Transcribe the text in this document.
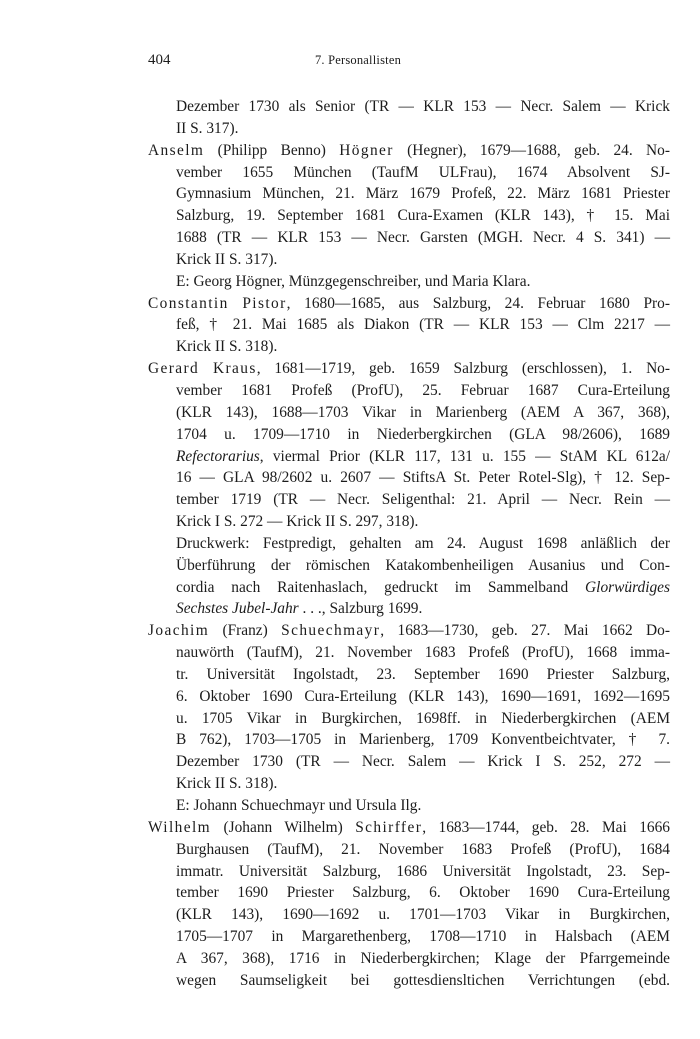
404	7. Personallisten
Dezember 1730 als Senior (TR — KLR 153 — Necr. Salem — Krick
II S. 317).
Anselm (Philipp Benno) Högner (Hegner), 1679—1688, geb. 24. No-
vember 1655 München (TaufM ULFrau), 1674 Absolvent SJ-
Gymnasium München, 21. März 1679 Profeß, 22. März 1681 Priester
Salzburg, 19. September 1681 Cura-Examen (KLR 143), † 15. Mai
1688 (TR — KLR 153 — Necr. Garsten (MGH. Necr. 4 S. 341) —
Krick II S. 317).
E: Georg Högner, Münzgegenschreiber, und Maria Klara.
Constantin Pistor, 1680—1685, aus Salzburg, 24. Februar 1680 Pro-
feß, † 21. Mai 1685 als Diakon (TR — KLR 153 — Clm 2217 —
Krick II S. 318).
Gerard Kraus, 1681—1719, geb. 1659 Salzburg (erschlossen), 1. No-
vember 1681 Profeß (ProfU), 25. Februar 1687 Cura-Erteilung
(KLR 143), 1688—1703 Vikar in Marienberg (AEM A 367, 368),
1704 u. 1709—1710 in Niederbergkirchen (GLA 98/2606), 1689
Refectorarius, viermal Prior (KLR 117, 131 u. 155 — StAM KL 612a/
16 — GLA 98/2602 u. 2607 — StiftsA St. Peter Rotel-Slg), † 12. Sep-
tember 1719 (TR — Necr. Seligenthal: 21. April — Necr. Rein —
Krick I S. 272 — Krick II S. 297, 318).
Druckwerk: Festpredigt, gehalten am 24. August 1698 anläßlich der
Überführung der römischen Katakombenheiligen Ausanius und Con-
cordia nach Raitenhaslach, gedruckt im Sammelband Glorwürdiges
Sechstes Jubel-Jahr . . ., Salzburg 1699.
Joachim (Franz) Schuechmayr, 1683—1730, geb. 27. Mai 1662 Do-
nauwörth (TaufM), 21. November 1683 Profeß (ProfU), 1668 imma-
tr. Universität Ingolstadt, 23. September 1690 Priester Salzburg,
6. Oktober 1690 Cura-Erteilung (KLR 143), 1690—1691, 1692—1695
u. 1705 Vikar in Burgkirchen, 1698ff. in Niederbergkirchen (AEM
B 762), 1703—1705 in Marienberg, 1709 Konventbeichtvater, † 7.
Dezember 1730 (TR — Necr. Salem — Krick I S. 252, 272 —
Krick II S. 318).
E: Johann Schuechmayr und Ursula Ilg.
Wilhelm (Johann Wilhelm) Schirffer, 1683—1744, geb. 28. Mai 1666
Burghausen (TaufM), 21. November 1683 Profeß (ProfU), 1684
immatr. Universität Salzburg, 1686 Universität Ingolstadt, 23. Sep-
tember 1690 Priester Salzburg, 6. Oktober 1690 Cura-Erteilung
(KLR 143), 1690—1692 u. 1701—1703 Vikar in Burgkirchen,
1705—1707 in Margarethenberg, 1708—1710 in Halsbach (AEM
A 367, 368), 1716 in Niederbergkirchen; Klage der Pfarrgemeinde
wegen Saumseligkeit bei gottesdiensltichen Verrichtungen (ebd.
